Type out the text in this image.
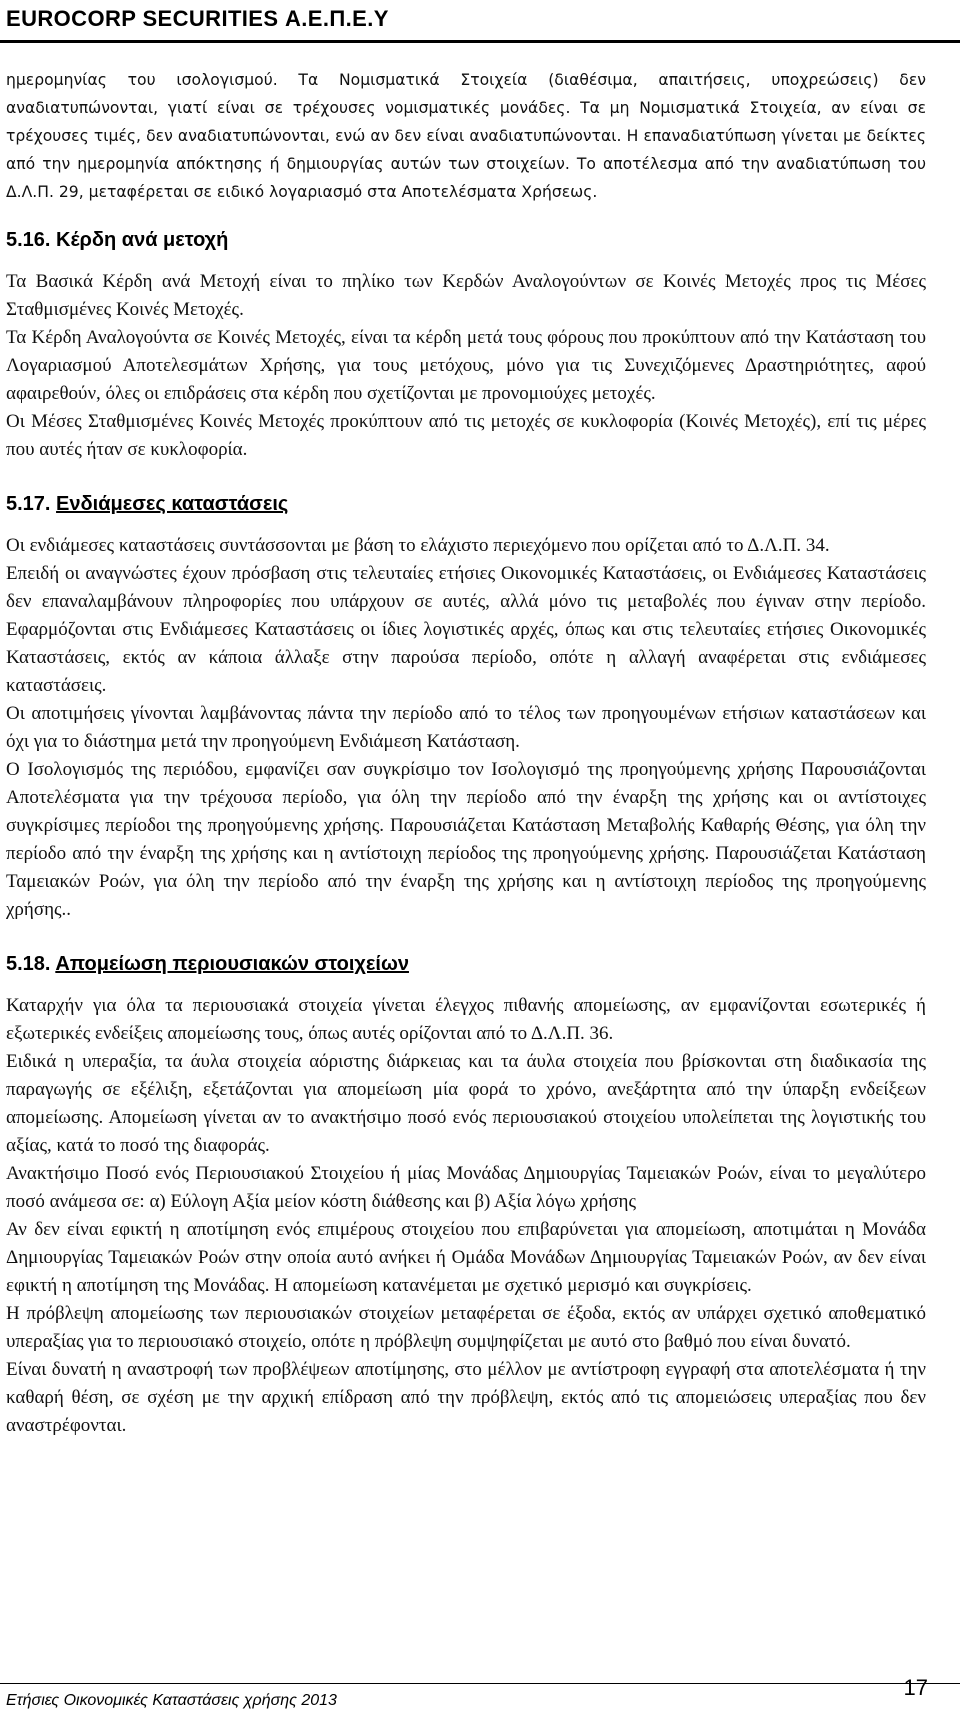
EUROCORP SECURITIES Α.Ε.Π.Ε.Υ

ημερομηνίας του ισολογισμού. Τα Νομισματικά Στοιχεία (διαθέσιμα, απαιτήσεις, υποχρεώσεις) δεν αναδιατυπώνονται, γιατί είναι σε τρέχουσες νομισματικές μονάδες. Τα μη Νομισματικά Στοιχεία, αν είναι σε τρέχουσες τιμές, δεν αναδιατυπώνονται, ενώ αν δεν είναι αναδιατυπώνονται. Η επαναδιατύπωση γίνεται με δείκτες από την ημερομηνία απόκτησης ή δημιουργίας αυτών των στοιχείων. Το αποτέλεσμα από την αναδιατύπωση του Δ.Λ.Π. 29, μεταφέρεται σε ειδικό λογαριασμό στα Αποτελέσματα Χρήσεως.

5.16. Κέρδη ανά μετοχή

Τα Βασικά Κέρδη ανά Μετοχή είναι το πηλίκο των Κερδών Αναλογούντων σε Κοινές Μετοχές προς τις Μέσες Σταθμισμένες Κοινές Μετοχές.

Τα Κέρδη Αναλογούντα σε Κοινές Μετοχές, είναι τα κέρδη μετά τους φόρους που προκύπτουν από την Κατάσταση του Λογαριασμού Αποτελεσμάτων Χρήσης, για τους μετόχους, μόνο για τις Συνεχιζόμενες Δραστηριότητες, αφού αφαιρεθούν, όλες οι επιδράσεις στα κέρδη που σχετίζονται με προνομιούχες μετοχές.

Οι Μέσες Σταθμισμένες Κοινές Μετοχές προκύπτουν από τις μετοχές σε κυκλοφορία (Κοινές Μετοχές), επί τις μέρες που αυτές ήταν σε κυκλοφορία.

5.17. Ενδιάμεσες καταστάσεις

Οι ενδιάμεσες καταστάσεις συντάσσονται με βάση το ελάχιστο περιεχόμενο που ορίζεται από το Δ.Λ.Π. 34.

Επειδή οι αναγνώστες έχουν πρόσβαση στις τελευταίες ετήσιες Οικονομικές Καταστάσεις, οι Ενδιάμεσες Καταστάσεις δεν επαναλαμβάνουν πληροφορίες που υπάρχουν σε αυτές, αλλά μόνο τις μεταβολές που έγιναν στην περίοδο. Εφαρμόζονται στις Ενδιάμεσες Καταστάσεις οι ίδιες λογιστικές αρχές, όπως και στις τελευταίες ετήσιες Οικονομικές Καταστάσεις, εκτός αν κάποια άλλαξε στην παρούσα περίοδο, οπότε η αλλαγή αναφέρεται στις ενδιάμεσες καταστάσεις.

Οι αποτιμήσεις γίνονται λαμβάνοντας πάντα την περίοδο από το τέλος των προηγουμένων ετήσιων καταστάσεων και όχι για το διάστημα μετά την προηγούμενη Ενδιάμεση Κατάσταση.

Ο Ισολογισμός της περιόδου, εμφανίζει σαν συγκρίσιμο τον Ισολογισμό της προηγούμενης χρήσης Παρουσιάζονται Αποτελέσματα για την τρέχουσα περίοδο, για όλη την περίοδο από την έναρξη της χρήσης και οι αντίστοιχες συγκρίσιμες περίοδοι της προηγούμενης χρήσης. Παρουσιάζεται Κατάσταση Μεταβολής Καθαρής Θέσης, για όλη την περίοδο από την έναρξη της χρήσης και η αντίστοιχη περίοδος της προηγούμενης χρήσης. Παρουσιάζεται Κατάσταση Ταμειακών Ροών, για όλη την περίοδο από την έναρξη της χρήσης και η αντίστοιχη περίοδος της προηγούμενης χρήσης..

5.18. Απομείωση περιουσιακών στοιχείων

Καταρχήν για όλα τα περιουσιακά στοιχεία γίνεται έλεγχος πιθανής απομείωσης, αν εμφανίζονται εσωτερικές ή εξωτερικές ενδείξεις απομείωσης τους, όπως αυτές ορίζονται από το Δ.Λ.Π. 36.

Ειδικά η υπεραξία, τα άυλα στοιχεία αόριστης διάρκειας και τα άυλα στοιχεία που βρίσκονται στη διαδικασία της παραγωγής σε εξέλιξη, εξετάζονται για απομείωση μία φορά το χρόνο, ανεξάρτητα από την ύπαρξη ενδείξεων απομείωσης. Απομείωση γίνεται αν το ανακτήσιμο ποσό ενός περιουσιακού στοιχείου υπολείπεται της λογιστικής του αξίας, κατά το ποσό της διαφοράς.

Ανακτήσιμο Ποσό ενός Περιουσιακού Στοιχείου ή μίας Μονάδας Δημιουργίας Ταμειακών Ροών, είναι το μεγαλύτερο ποσό ανάμεσα σε: α) Εύλογη Αξία μείον κόστη διάθεσης και β) Αξία λόγω χρήσης

Αν δεν είναι εφικτή η αποτίμηση ενός επιμέρους στοιχείου που επιβαρύνεται για απομείωση, αποτιμάται η Μονάδα Δημιουργίας Ταμειακών Ροών στην οποία αυτό ανήκει ή Ομάδα Μονάδων Δημιουργίας Ταμειακών Ροών, αν δεν είναι εφικτή η αποτίμηση της Μονάδας. Η απομείωση κατανέμεται με σχετικό μερισμό και συγκρίσεις.

Η πρόβλεψη απομείωσης των περιουσιακών στοιχείων μεταφέρεται σε έξοδα, εκτός αν υπάρχει σχετικό αποθεματικό υπεραξίας για το περιουσιακό στοιχείο, οπότε η πρόβλεψη συμψηφίζεται με αυτό στο βαθμό που είναι δυνατό.

Είναι δυνατή η αναστροφή των προβλέψεων αποτίμησης, στο μέλλον με αντίστροφη εγγραφή στα αποτελέσματα ή την καθαρή θέση, σε σχέση με την αρχική επίδραση από την πρόβλεψη, εκτός από τις απομειώσεις υπεραξίας που δεν αναστρέφονται.

Ετήσιες Οικονομικές Καταστάσεις χρήσης 2013
17
